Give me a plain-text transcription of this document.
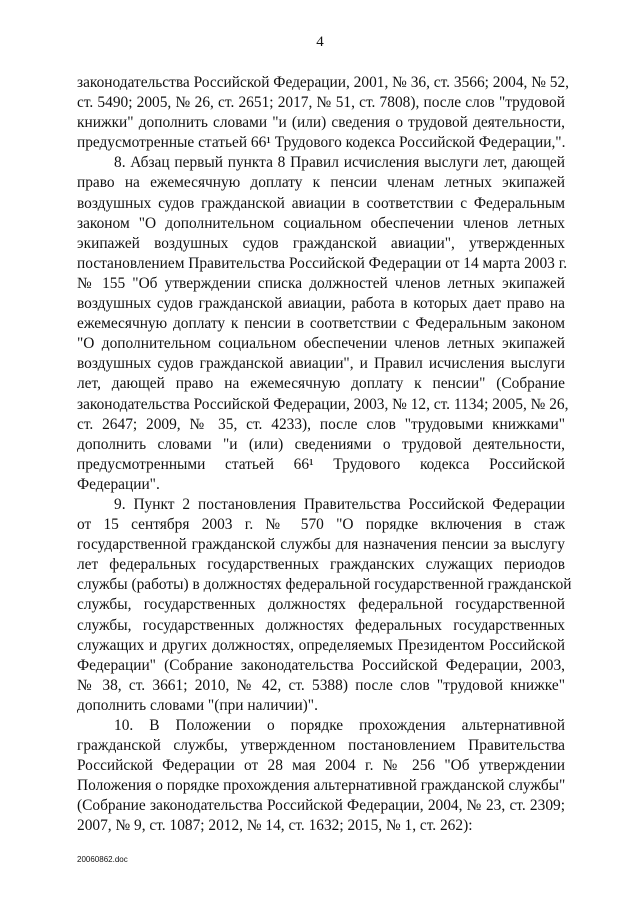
4
законодательства Российской Федерации, 2001, № 36, ст. 3566; 2004, № 52,
ст. 5490; 2005, № 26, ст. 2651; 2017, № 51, ст. 7808), после слов "трудовой
книжки" дополнить словами "и (или) сведения о трудовой деятельности,
предусмотренные статьей 66¹ Трудового кодекса Российской Федерации,".
8. Абзац первый пункта 8 Правил исчисления выслуги лет, дающей
право на ежемесячную доплату к пенсии членам летных экипажей
воздушных судов гражданской авиации в соответствии с Федеральным
законом "О дополнительном социальном обеспечении членов летных
экипажей воздушных судов гражданской авиации", утвержденных
постановлением Правительства Российской Федерации от 14 марта 2003 г.
№ 155 "Об утверждении списка должностей членов летных экипажей
воздушных судов гражданской авиации, работа в которых дает право на
ежемесячную доплату к пенсии в соответствии с Федеральным законом
"О дополнительном социальном обеспечении членов летных экипажей
воздушных судов гражданской авиации", и Правил исчисления выслуги
лет, дающей право на ежемесячную доплату к пенсии" (Собрание
законодательства Российской Федерации, 2003, № 12, ст. 1134; 2005, № 26,
ст. 2647; 2009, № 35, ст. 4233), после слов "трудовыми книжками"
дополнить словами "и (или) сведениями о трудовой деятельности,
предусмотренными статьей 66¹ Трудового кодекса Российской
Федерации".
9. Пункт 2 постановления Правительства Российской Федерации
от 15 сентября 2003 г. № 570 "О порядке включения в стаж
государственной гражданской службы для назначения пенсии за выслугу
лет федеральных государственных гражданских служащих периодов
службы (работы) в должностях федеральной государственной гражданской
службы, государственных должностях федеральной государственной
службы, государственных должностях федеральных государственных
служащих и других должностях, определяемых Президентом Российской
Федерации" (Собрание законодательства Российской Федерации, 2003,
№ 38, ст. 3661; 2010, № 42, ст. 5388) после слов "трудовой книжке"
дополнить словами "(при наличии)".
10. В Положении о порядке прохождения альтернативной
гражданской службы, утвержденном постановлением Правительства
Российской Федерации от 28 мая 2004 г. № 256 "Об утверждении
Положения о порядке прохождения альтернативной гражданской службы"
(Собрание законодательства Российской Федерации, 2004, № 23, ст. 2309;
2007, № 9, ст. 1087; 2012, № 14, ст. 1632; 2015, № 1, ст. 262):
20060862.doc
